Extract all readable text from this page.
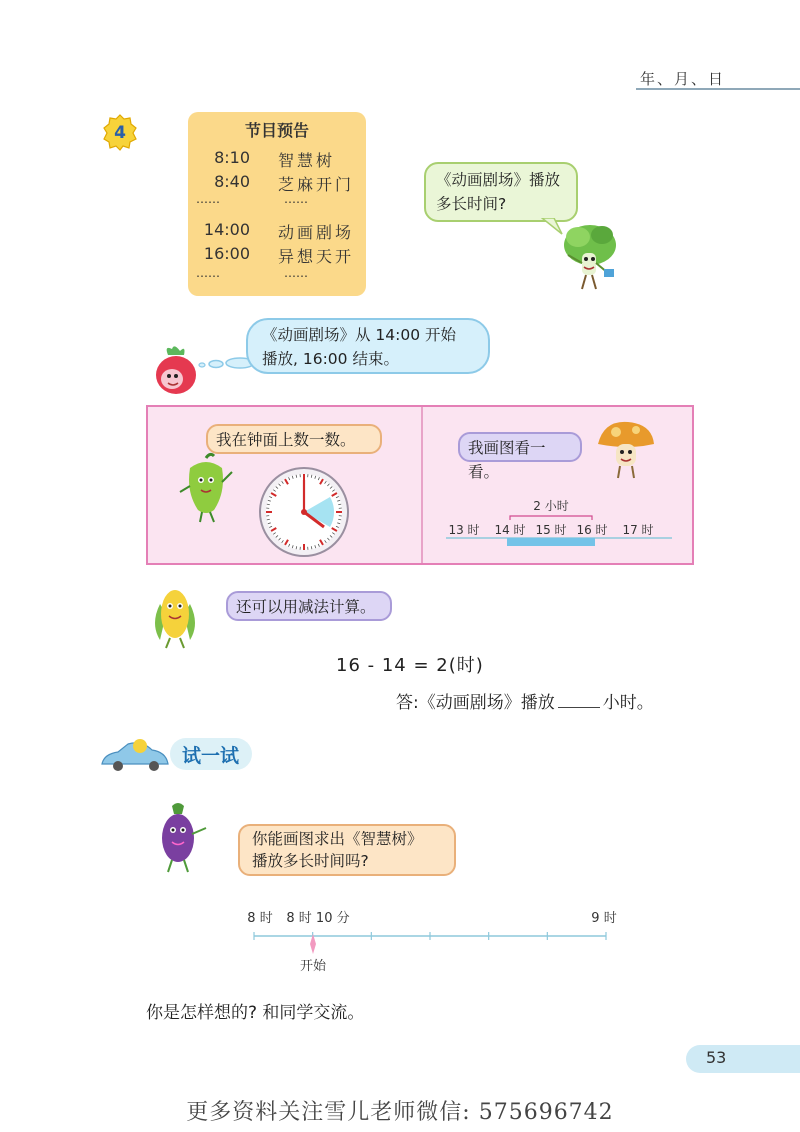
年、月、日
4	节目预告
8:10 智慧树
8:40 芝麻开门
……	……
14:00 动画剧场
16:00 异想天开
……	……
《动画剧场》播放
多长时间?
《动画剧场》从 14:00 开始
播放, 16:00 结束。
我在钟面上数一数。	我画图看一看。
2 小时
13 时 14 时 15 时 16 时 17 时
还可以用减法计算。
16 - 14 = 2(时)
答:《动画剧场》播放	小时。
试一试
你能画图求出《智慧树》
播放多长时间吗?
8 时 8 时 10 分	9 时
开始
你是怎样想的? 和同学交流。
53
更多资料关注雪儿老师微信: 575696742
